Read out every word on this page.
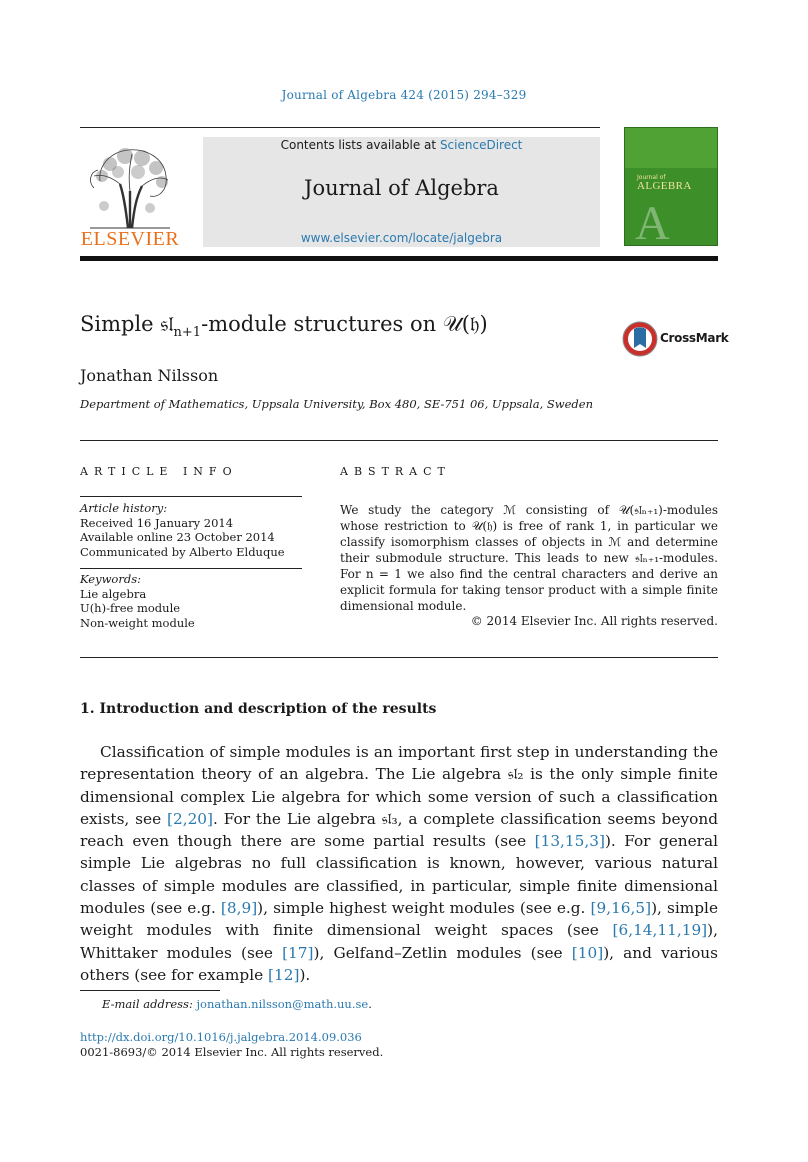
Journal of Algebra 424 (2015) 294–329
ELSEVIER
Contents lists available at ScienceDirect
Journal of Algebra
www.elsevier.com/locate/jalgebra
Journal of
ALGEBRA
A
Simple 𝔰𝔩$_{n+1}$-module structures on 𝒰(𝔥)
CrossMark
Jonathan Nilsson
Department of Mathematics, Uppsala University, Box 480, SE-751 06, Uppsala, Sweden
ARTICLE INFO	ABSTRACT
Article history:
Received 16 January 2014
Available online 23 October 2014
Communicated by Alberto Elduque
Keywords:
Lie algebra
U(h)-free module
Non-weight module
We study the category ℳ consisting of 𝒰(𝔰𝔩ₙ₊₁)-modules whose restriction to 𝒰(𝔥) is free of rank 1, in particular we classify isomorphism classes of objects in ℳ and determine their submodule structure. This leads to new 𝔰𝔩ₙ₊₁-modules. For n = 1 we also find the central characters and derive an explicit formula for taking tensor product with a simple finite dimensional module.
© 2014 Elsevier Inc. All rights reserved.
1. Introduction and description of the results
Classification of simple modules is an important first step in understanding the representation theory of an algebra. The Lie algebra 𝔰𝔩₂ is the only simple finite dimensional complex Lie algebra for which some version of such a classification exists, see [2,20]. For the Lie algebra 𝔰𝔩₃, a complete classification seems beyond reach even though there are some partial results (see [13,15,3]). For general simple Lie algebras no full classification is known, however, various natural classes of simple modules are classified, in particular, simple finite dimensional modules (see e.g. [8,9]), simple highest weight modules (see e.g. [9,16,5]), simple weight modules with finite dimensional weight spaces (see [6,14,11,19]), Whittaker modules (see [17]), Gelfand–Zetlin modules (see [10]), and various others (see for example [12]).
E-mail address: jonathan.nilsson@math.uu.se.
http://dx.doi.org/10.1016/j.jalgebra.2014.09.036
0021-8693/© 2014 Elsevier Inc. All rights reserved.
